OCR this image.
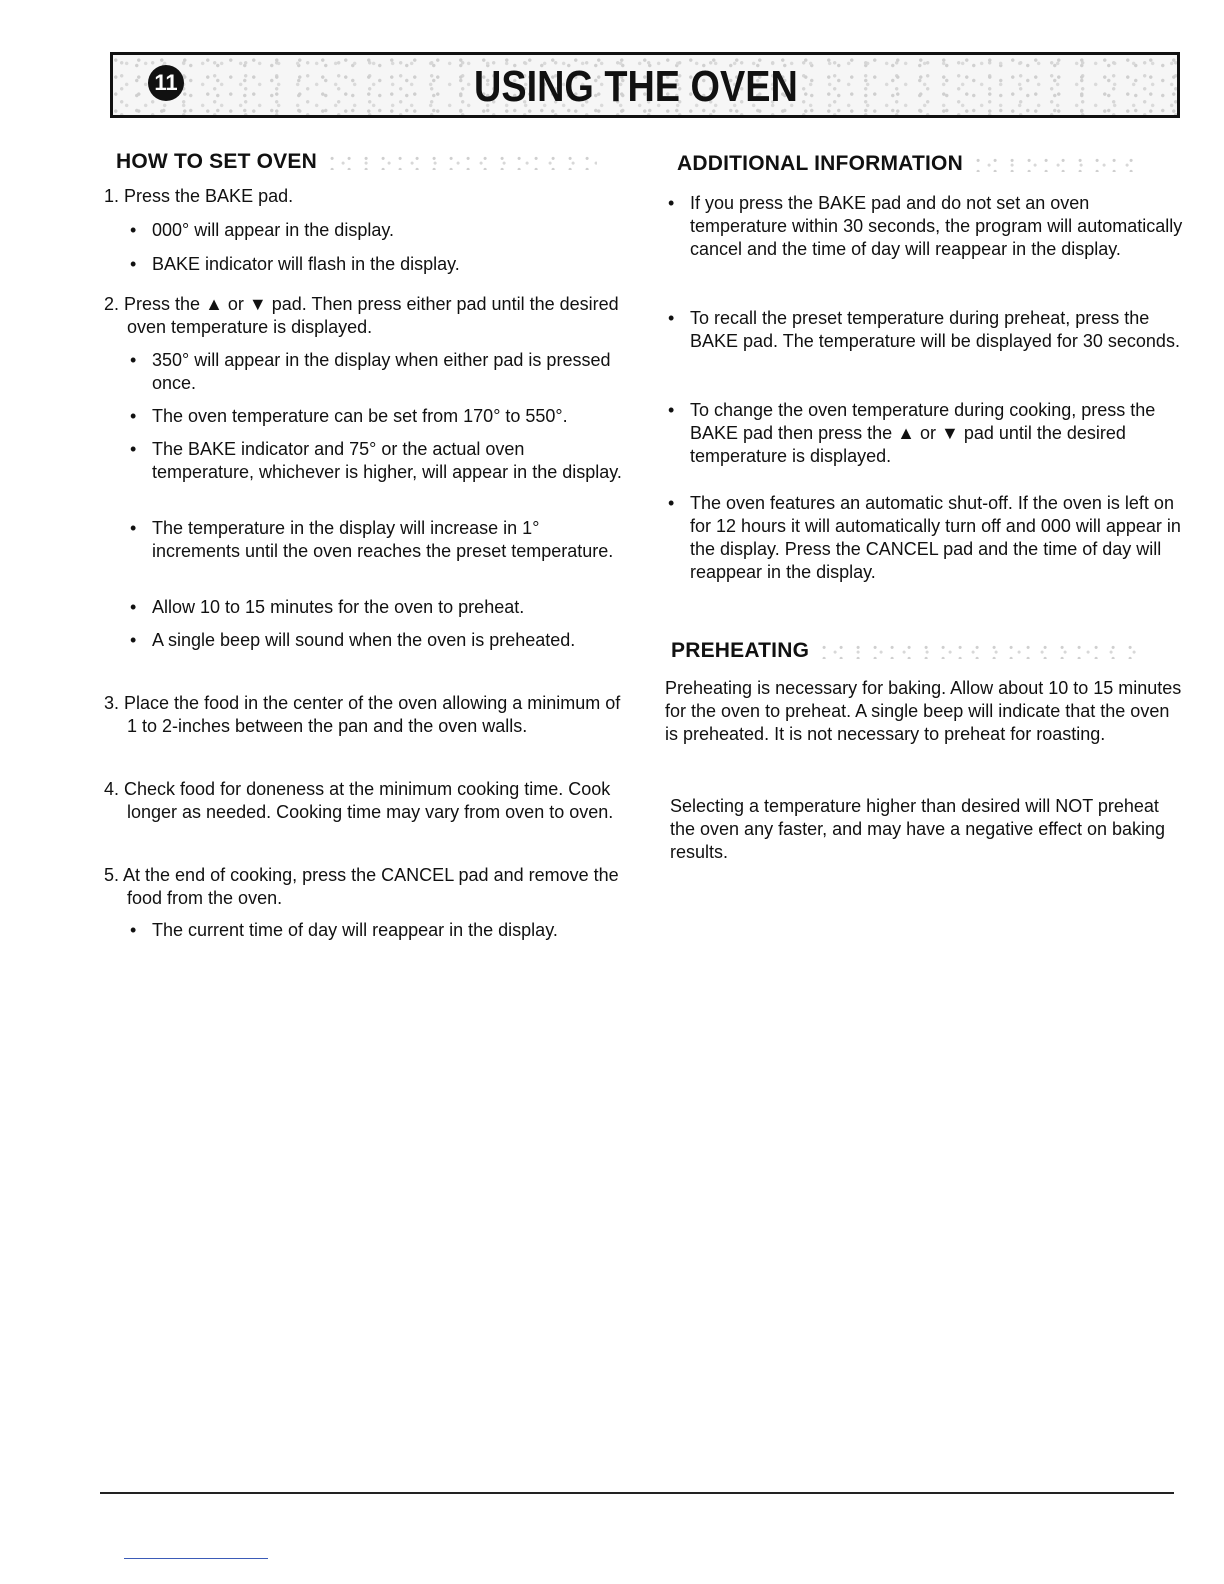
11	USING THE OVEN
HOW TO SET OVEN

1. Press the BAKE pad.

• 000° will appear in the display.

• BAKE indicator will flash in the display.

2. Press the ▲ or ▼ pad. Then press either pad until the desired oven temperature is displayed.

• 350° will appear in the display when either pad is pressed once.

• The oven temperature can be set from 170° to 550°.

• The BAKE indicator and 75° or the actual oven temperature, whichever is higher, will appear in the display.

• The temperature in the display will increase in 1° increments until the oven reaches the preset temperature.

• Allow 10 to 15 minutes for the oven to preheat.

• A single beep will sound when the oven is preheated.

3. Place the food in the center of the oven allowing a minimum of 1 to 2-inches between the pan and the oven walls.

4. Check food for doneness at the minimum cooking time. Cook longer as needed. Cooking time may vary from oven to oven.

5. At the end of cooking, press the CANCEL pad and remove the food from the oven.

• The current time of day will reappear in the display.

ADDITIONAL INFORMATION

• If you press the BAKE pad and do not set an oven temperature within 30 seconds, the program will automatically cancel and the time of day will reappear in the display.

• To recall the preset temperature during preheat, press the BAKE pad. The temperature will be displayed for 30 seconds.

• To change the oven temperature during cooking, press the BAKE pad then press the ▲ or ▼ pad until the desired temperature is displayed.

• The oven features an automatic shut-off. If the oven is left on for 12 hours it will automatically turn off and 000 will appear in the display. Press the CANCEL pad and the time of day will reappear in the display.

PREHEATING

Preheating is necessary for baking. Allow about 10 to 15 minutes for the oven to preheat. A single beep will indicate that the oven is preheated. It is not necessary to preheat for roasting.

Selecting a temperature higher than desired will NOT preheat the oven any faster, and may have a negative effect on baking results.
